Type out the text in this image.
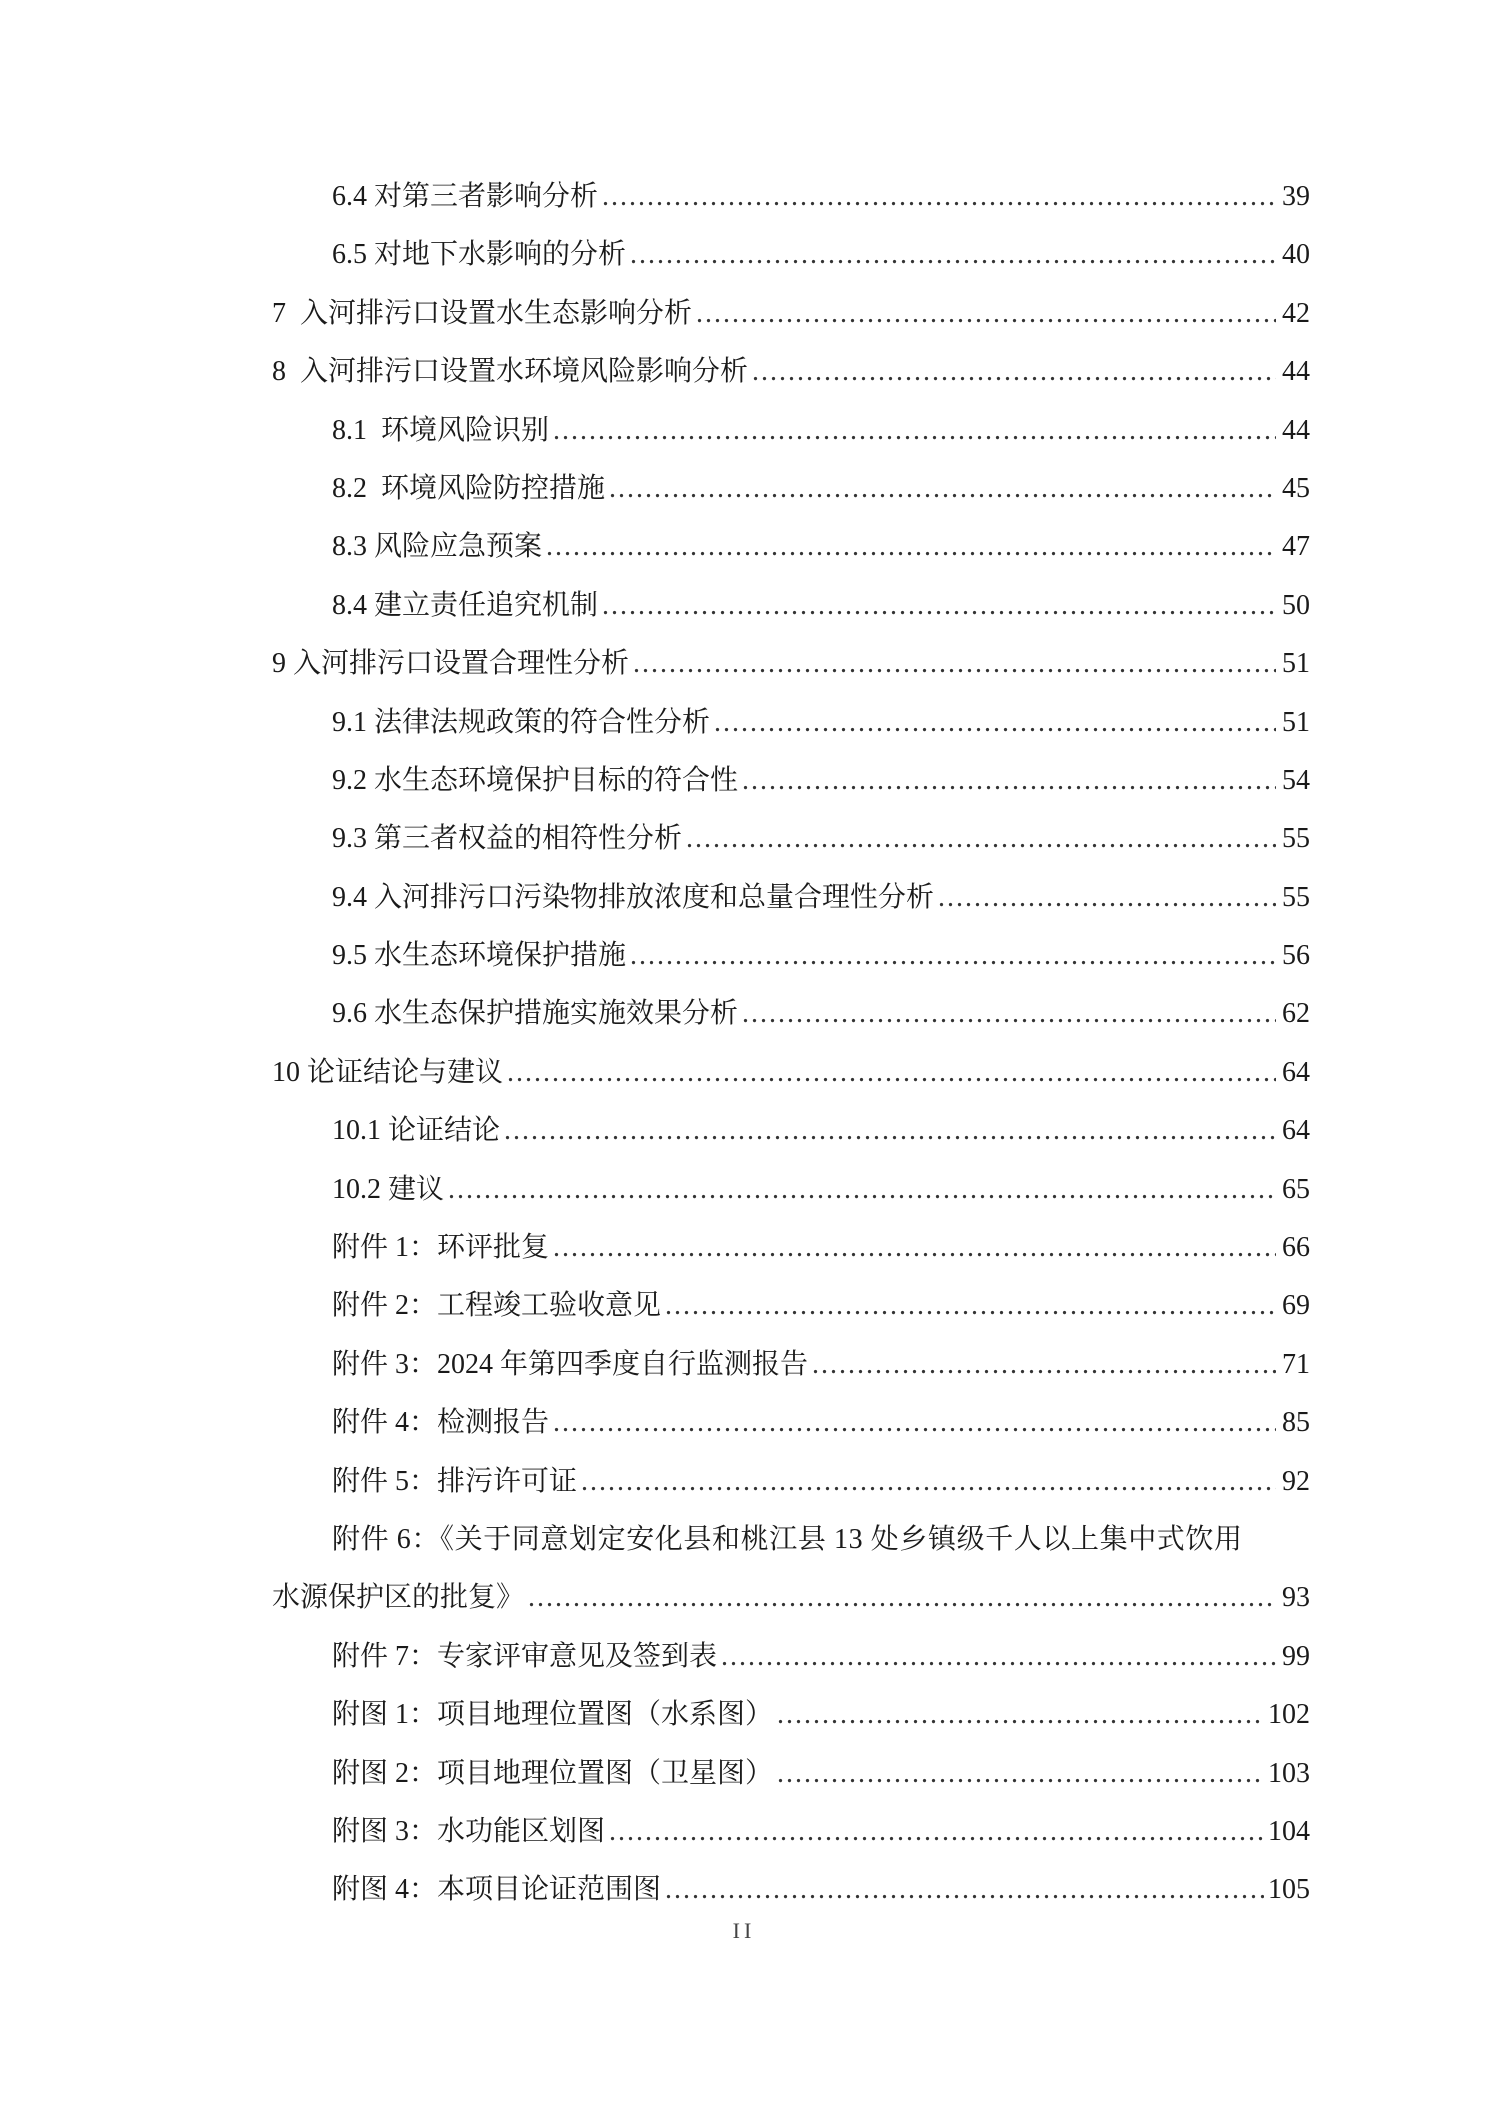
6.4 对第三者影响分析 .....	39
6.5 对地下水影响的分析 .....	40
7  入河排污口设置水生态影响分析 .....	42
8  入河排污口设置水环境风险影响分析 .....	44
8.1  环境风险识别 .....	44
8.2  环境风险防控措施 .....	45
8.3 风险应急预案 .....	47
8.4 建立责任追究机制 .....	50
9 入河排污口设置合理性分析 .....	51
9.1 法律法规政策的符合性分析 .....	51
9.2 水生态环境保护目标的符合性 .....	54
9.3 第三者权益的相符性分析 .....	55
9.4 入河排污口污染物排放浓度和总量合理性分析 .....	55
9.5 水生态环境保护措施 .....	56
9.6 水生态保护措施实施效果分析 .....	62
10 论证结论与建议 .....	64
10.1 论证结论 .....	64
10.2 建议 .....	65
附件 1：环评批复 .....	66
附件 2：工程竣工验收意见 .....	69
附件 3：2024 年第四季度自行监测报告 .....	71
附件 4：检测报告 .....	85
附件 5：排污许可证 .....	92
附件 6：《关于同意划定安化县和桃江县 13 处乡镇级千人以上集中式饮用
水源保护区的批复》 .....	93
附件 7：专家评审意见及签到表 .....	99
附图 1：项目地理位置图（水系图） .....	102
附图 2：项目地理位置图（卫星图） .....	103
附图 3：水功能区划图 .....	104
附图 4：本项目论证范围图 .....	105
II
